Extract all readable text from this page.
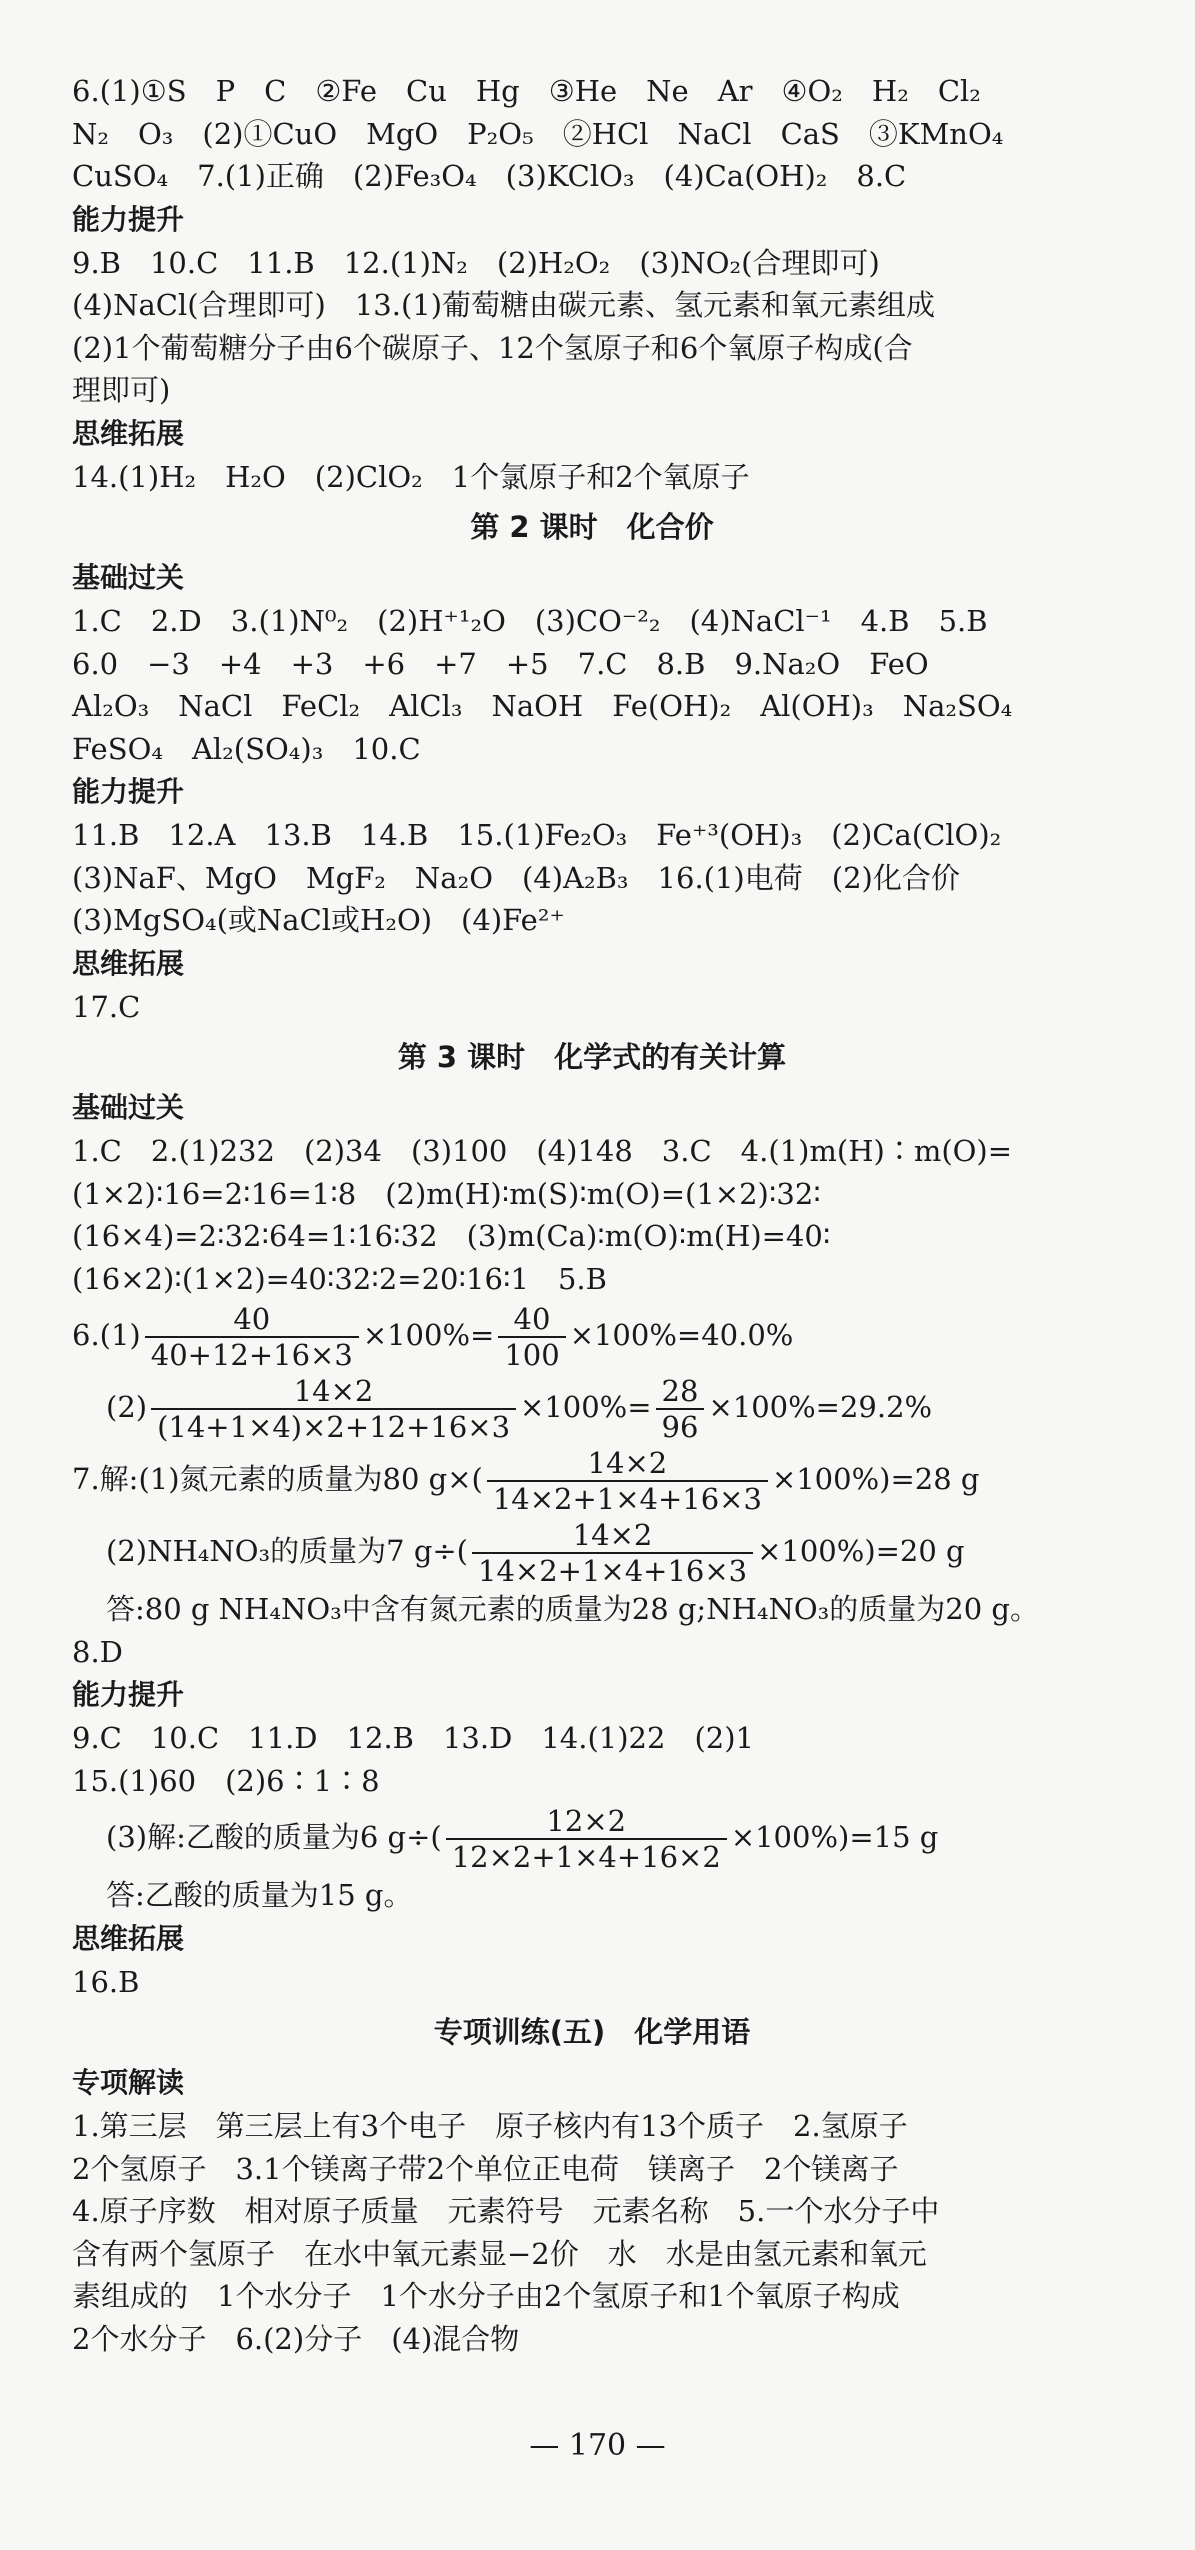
6.(1)①S　P　C　②Fe　Cu　Hg　③He　Ne　Ar　④O₂　H₂　Cl₂
N₂　O₃　(2)①CuO　MgO　P₂O₅　②HCl　NaCl　CaS　③KMnO₄
CuSO₄　7.(1)正确　(2)Fe₃O₄　(3)KClO₃　(4)Ca(OH)₂　8.C
能力提升
9.B　10.C　11.B　12.(1)N₂　(2)H₂O₂　(3)NO₂(合理即可)
(4)NaCl(合理即可)　13.(1)葡萄糖由碳元素、氢元素和氧元素组成
(2)1个葡萄糖分子由6个碳原子、12个氢原子和6个氧原子构成(合
理即可)
思维拓展
14.(1)H₂　H₂O　(2)ClO₂　1个氯原子和2个氧原子
第 2 课时　化合价
基础过关
1.C　2.D　3.(1)N⁰₂　(2)H⁺¹₂O　(3)CO⁻²₂　(4)NaCl⁻¹　4.B　5.B
6.0　−3　+4　+3　+6　+7　+5　7.C　8.B　9.Na₂O　FeO
Al₂O₃　NaCl　FeCl₂　AlCl₃　NaOH　Fe(OH)₂　Al(OH)₃　Na₂SO₄
FeSO₄　Al₂(SO₄)₃　10.C
能力提升
11.B　12.A　13.B　14.B　15.(1)Fe₂O₃　Fe⁺³(OH)₃　(2)Ca(ClO)₂
(3)NaF、MgO　MgF₂　Na₂O　(4)A₂B₃　16.(1)电荷　(2)化合价
(3)MgSO₄(或NaCl或H₂O)　(4)Fe²⁺
思维拓展
17.C
第 3 课时　化学式的有关计算
基础过关
1.C　2.(1)232　(2)34　(3)100　(4)148　3.C　4.(1)m(H)∶m(O)=
(1×2)∶16=2∶16=1∶8　(2)m(H)∶m(S)∶m(O)=(1×2)∶32∶
(16×4)=2∶32∶64=1∶16∶32　(3)m(Ca)∶m(O)∶m(H)=40∶
(16×2)∶(1×2)=40∶32∶2=20∶16∶1　5.B
$6.(1) \frac{40}{40+12+16\times 3} \times 100\%= \frac{40}{100} \times 100\%=40.0\%$
$(2) \frac{14\times 2}{(14+1\times 4)\times 2+12+16\times 3} \times 100\%= \frac{28}{96} \times 100\%=29.2\%$
7.解:(1)氮元素的质量为80 $g\times( \frac{14\times 2}{14\times 2+1\times 4+16\times 3} \times 100\%)=28$ g
(2)NH₄NO₃的质量为7 $g\div( \frac{14\times 2}{14\times 2+1\times 4+16\times 3} \times 100\%)=20$ g
答:80 g NH₄NO₃中含有氮元素的质量为28 g;NH₄NO₃的质量为20 g。
8.D
能力提升
9.C　10.C　11.D　12.B　13.D　14.(1)22　(2)1
15.(1)60　(2)6∶1∶8
(3)解:乙酸的质量为6 $g\div( \frac{12\times 2}{12\times 2+1\times 4+16\times 2} \times 100\%)=15$ g
答:乙酸的质量为15 g。
思维拓展
16.B
专项训练(五)　化学用语
专项解读
1.第三层　第三层上有3个电子　原子核内有13个质子　2.氢原子
2个氢原子　3.1个镁离子带2个单位正电荷　镁离子　2个镁离子
4.原子序数　相对原子质量　元素符号　元素名称　5.一个水分子中
含有两个氢原子　在水中氧元素显−2价　水　水是由氢元素和氧元
素组成的　1个水分子　1个水分子由2个氢原子和1个氧原子构成
2个水分子　6.(2)分子　(4)混合物
— 170 —
